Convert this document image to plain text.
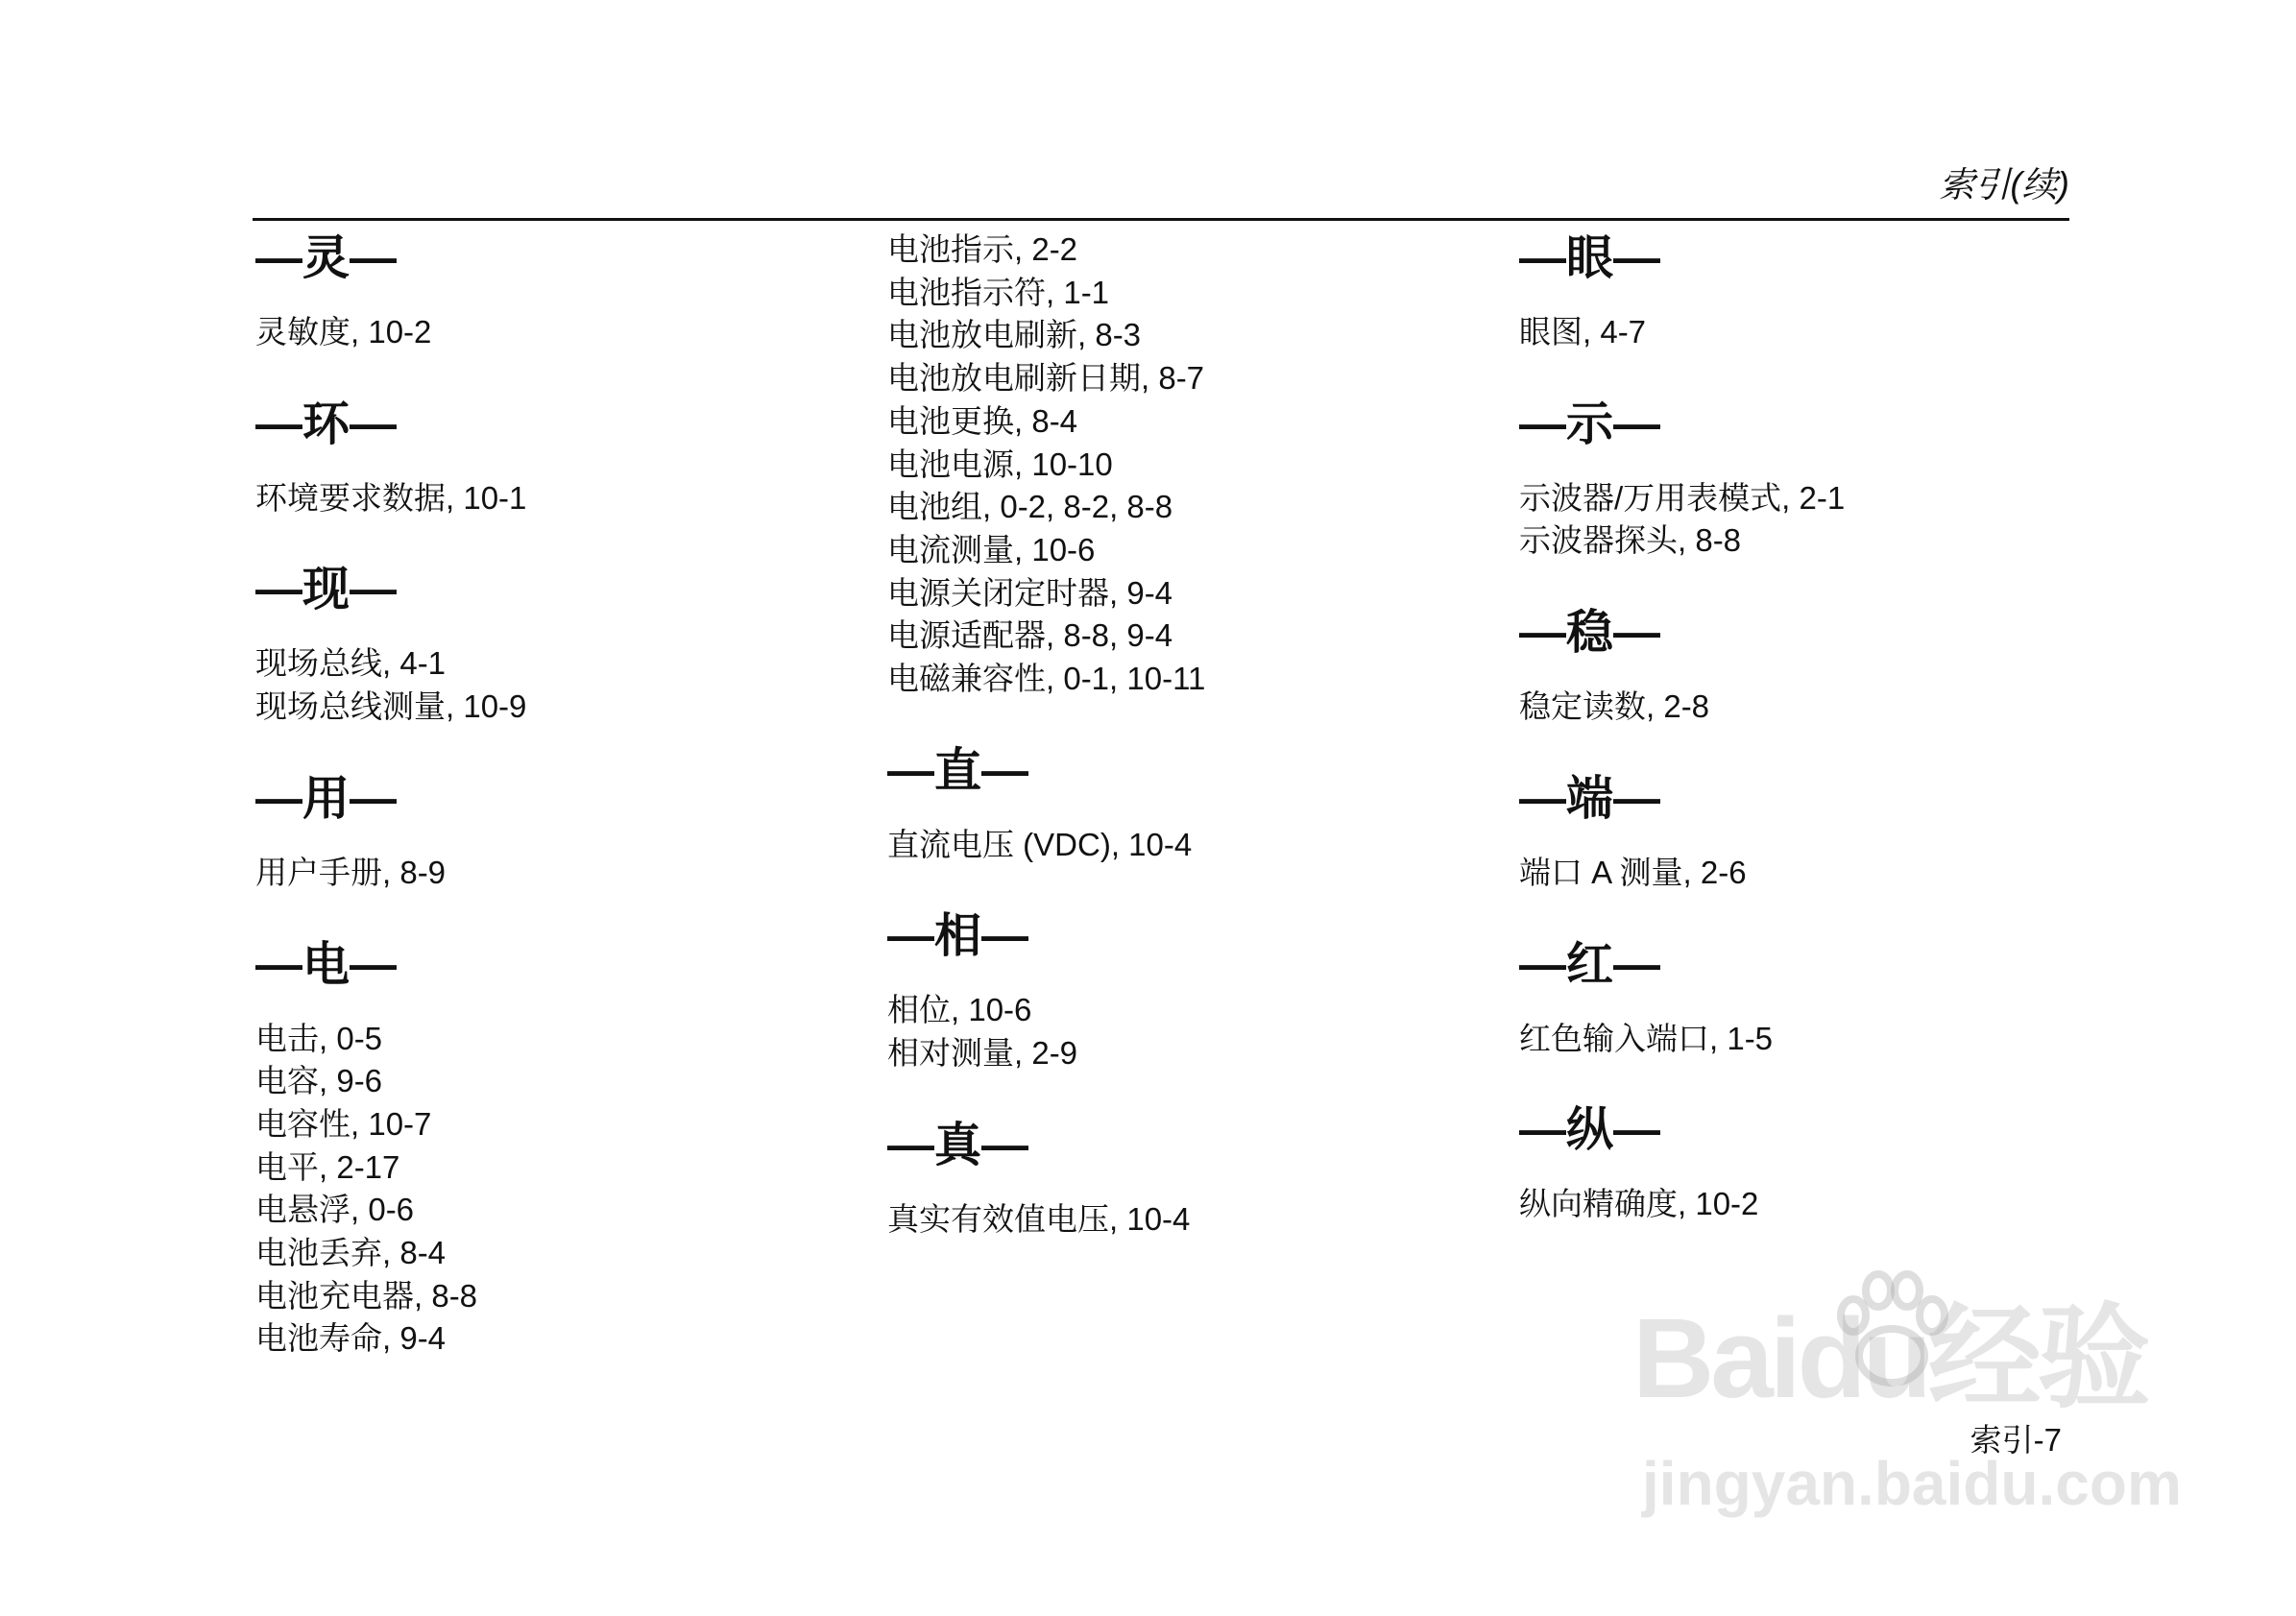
索引(续)
—灵—
灵敏度, 10-2
—环—
环境要求数据, 10-1
—现—
现场总线, 4-1
现场总线测量, 10-9
—用—
用户手册, 8-9
—电—
电击, 0-5
电容, 9-6
电容性, 10-7
电平, 2-17
电悬浮, 0-6
电池丢弃, 8-4
电池充电器, 8-8
电池寿命, 9-4
电池指示, 2-2
电池指示符, 1-1
电池放电刷新, 8-3
电池放电刷新日期, 8-7
电池更换, 8-4
电池电源, 10-10
电池组, 0-2, 8-2, 8-8
电流测量, 10-6
电源关闭定时器, 9-4
电源适配器, 8-8, 9-4
电磁兼容性, 0-1, 10-11
—直—
直流电压 (VDC), 10-4
—相—
相位, 10-6
相对测量, 2-9
—真—
真实有效值电压, 10-4
—眼—
眼图, 4-7
—示—
示波器/万用表模式, 2-1
示波器探头, 8-8
—稳—
稳定读数, 2-8
—端—
端口 A 测量, 2-6
—红—
红色输入端口, 1-5
—纵—
纵向精确度, 10-2
索引-7
Baidu经验
jingyan.baidu.com
